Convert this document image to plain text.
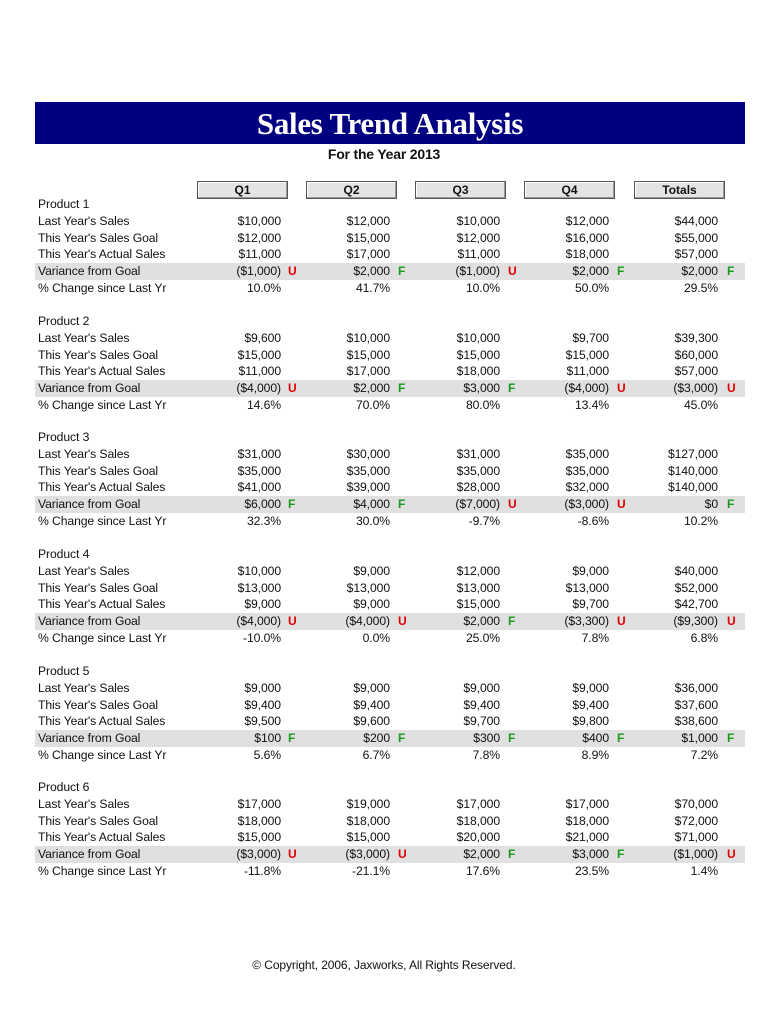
Sales Trend Analysis
For the Year 2013
Q1	Q2	Q3	Q4	Totals
Product 1
Last Year's Sales	$10,000	$12,000	$10,000	$12,000	$44,000
This Year's Sales Goal	$12,000	$15,000	$12,000	$16,000	$55,000
This Year's Actual Sales	$11,000	$17,000	$11,000	$18,000	$57,000
Variance from Goal	($1,000) U	$2,000 F	($1,000) U	$2,000 F	$2,000 F
% Change since Last Yr	10.0%	41.7%	10.0%	50.0%	29.5%
Product 2
Last Year's Sales	$9,600	$10,000	$10,000	$9,700	$39,300
This Year's Sales Goal	$15,000	$15,000	$15,000	$15,000	$60,000
This Year's Actual Sales	$11,000	$17,000	$18,000	$11,000	$57,000
Variance from Goal	($4,000) U	$2,000 F	$3,000 F	($4,000) U	($3,000) U
% Change since Last Yr	14.6%	70.0%	80.0%	13.4%	45.0%
Product 3
Last Year's Sales	$31,000	$30,000	$31,000	$35,000	$127,000
This Year's Sales Goal	$35,000	$35,000	$35,000	$35,000	$140,000
This Year's Actual Sales	$41,000	$39,000	$28,000	$32,000	$140,000
Variance from Goal	$6,000 F	$4,000 F	($7,000) U	($3,000) U	$0 F
% Change since Last Yr	32.3%	30.0%	-9.7%	-8.6%	10.2%
Product 4
Last Year's Sales	$10,000	$9,000	$12,000	$9,000	$40,000
This Year's Sales Goal	$13,000	$13,000	$13,000	$13,000	$52,000
This Year's Actual Sales	$9,000	$9,000	$15,000	$9,700	$42,700
Variance from Goal	($4,000) U	($4,000) U	$2,000 F	($3,300) U	($9,300) U
% Change since Last Yr	-10.0%	0.0%	25.0%	7.8%	6.8%
Product 5
Last Year's Sales	$9,000	$9,000	$9,000	$9,000	$36,000
This Year's Sales Goal	$9,400	$9,400	$9,400	$9,400	$37,600
This Year's Actual Sales	$9,500	$9,600	$9,700	$9,800	$38,600
Variance from Goal	$100 F	$200 F	$300 F	$400 F	$1,000 F
% Change since Last Yr	5.6%	6.7%	7.8%	8.9%	7.2%
Product 6
Last Year's Sales	$17,000	$19,000	$17,000	$17,000	$70,000
This Year's Sales Goal	$18,000	$18,000	$18,000	$18,000	$72,000
This Year's Actual Sales	$15,000	$15,000	$20,000	$21,000	$71,000
Variance from Goal	($3,000) U	($3,000) U	$2,000 F	$3,000 F	($1,000) U
% Change since Last Yr	-11.8%	-21.1%	17.6%	23.5%	1.4%
© Copyright, 2006, Jaxworks, All Rights Reserved.
